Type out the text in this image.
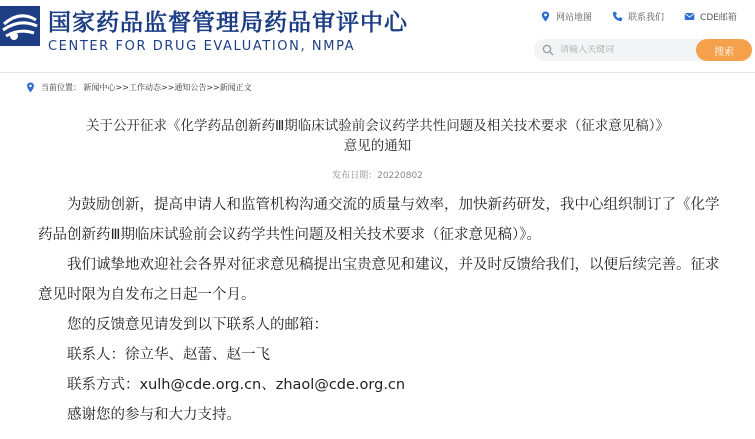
国家药品监督管理局药品审评中心
CENTER FOR DRUG EVALUATION, NMPA
网站地图	联系我们	CDE邮箱
请输入关键词
搜索
当前位置： 新闻中心>>工作动态>>通知公告>>新闻正文
关于公开征求《化学药品创新药Ⅲ期临床试验前会议药学共性问题及相关技术要求（征求意见稿）》
意见的通知
发布日期：20220802

为鼓励创新，提高申请人和监管机构沟通交流的质量与效率，加快新药研发，我中心组织制订了《化学药品创新药Ⅲ期临床试验前会议药学共性问题及相关技术要求（征求意见稿）》。

我们诚挚地欢迎社会各界对征求意见稿提出宝贵意见和建议，并及时反馈给我们，以便后续完善。征求意见时限为自发布之日起一个月。

您的反馈意见请发到以下联系人的邮箱：

联系人：徐立华、赵蕾、赵一飞

联系方式：xulh@cde.org.cn、zhaol@cde.org.cn

感谢您的参与和大力支持。
